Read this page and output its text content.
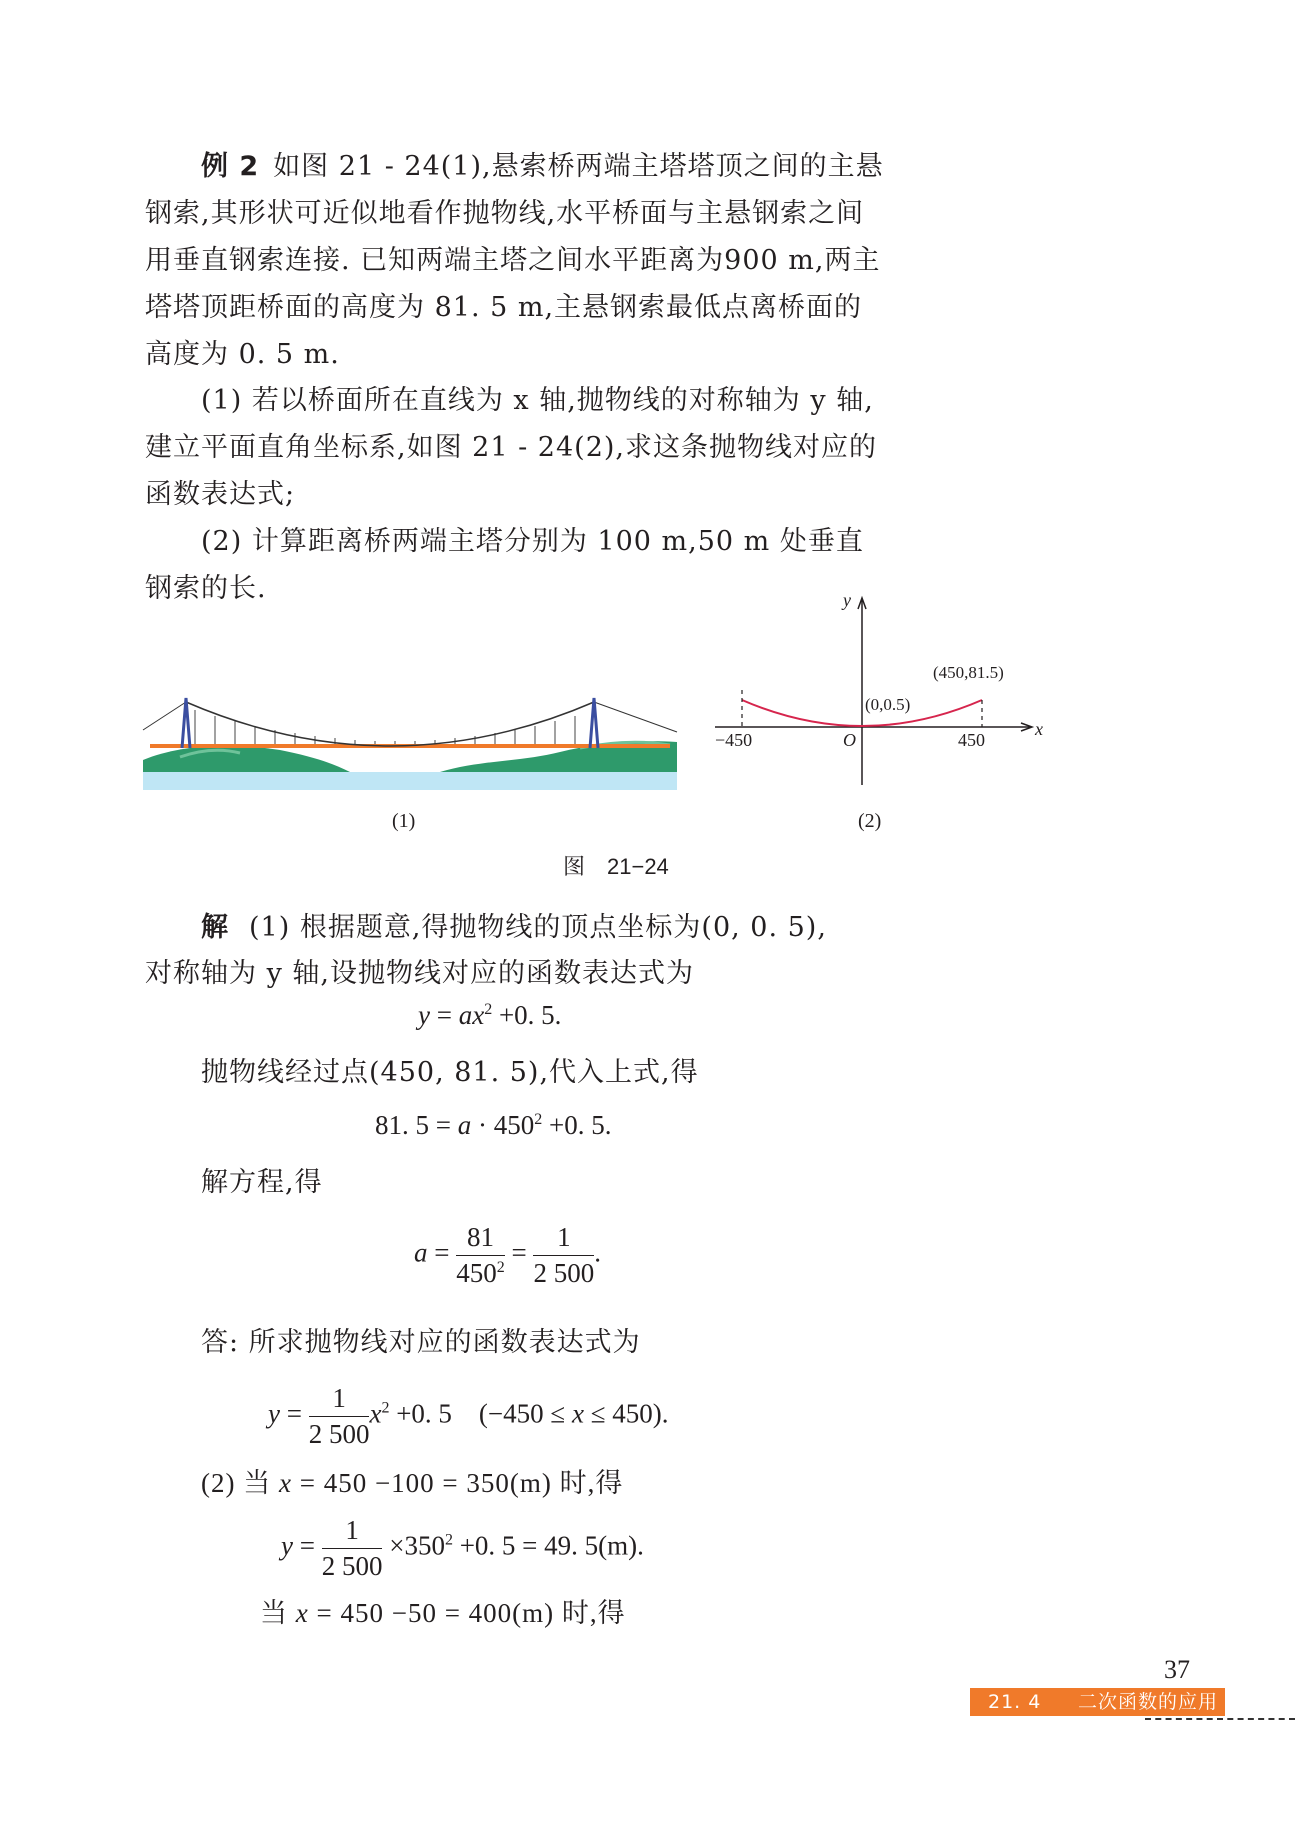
例 2 如图 21 - 24(1),悬索桥两端主塔塔顶之间的主悬钢索,其形状可近似地看作抛物线,水平桥面与主悬钢索之间用垂直钢索连接. 已知两端主塔之间水平距离为900 m,两主塔塔顶距桥面的高度为 81. 5 m,主悬钢索最低点离桥面的高度为 0. 5 m.

(1) 若以桥面所在直线为 x 轴,抛物线的对称轴为 y 轴,建立平面直角坐标系,如图 21 - 24(2),求这条抛物线对应的函数表达式;

(2) 计算距离桥两端主塔分别为 100 m,50 m 处垂直钢索的长.

(1)
y
x
O
−450	450
(0,0.5)
(450,81.5)
(2)
图　21−24
解 (1) 根据题意,得抛物线的顶点坐标为(0, 0. 5),
对称轴为 y 轴,设抛物线对应的函数表达式为
$y = ax^2 +0$. 5.
抛物线经过点(450, 81. 5),代入上式,得
81. $5 = a \cdot 450^2 +0$. 5.
解方程,得
$a = \frac{81}{450^2} = \frac{1}{2 500}$ .
答: 所求抛物线对应的函数表达式为
$y = \frac{1}{2 500} x^2 +0$. 5　(−450 ≤ x ≤ 450).
(2) 当 x = 450 −100 = 350(m) 时,得
$y = \frac{1}{2 500} \times 350^2 +0$. 5 = 49. 5(m).
当 x = 450 −50 = 400(m) 时,得
37
21. 4 二次函数的应用
